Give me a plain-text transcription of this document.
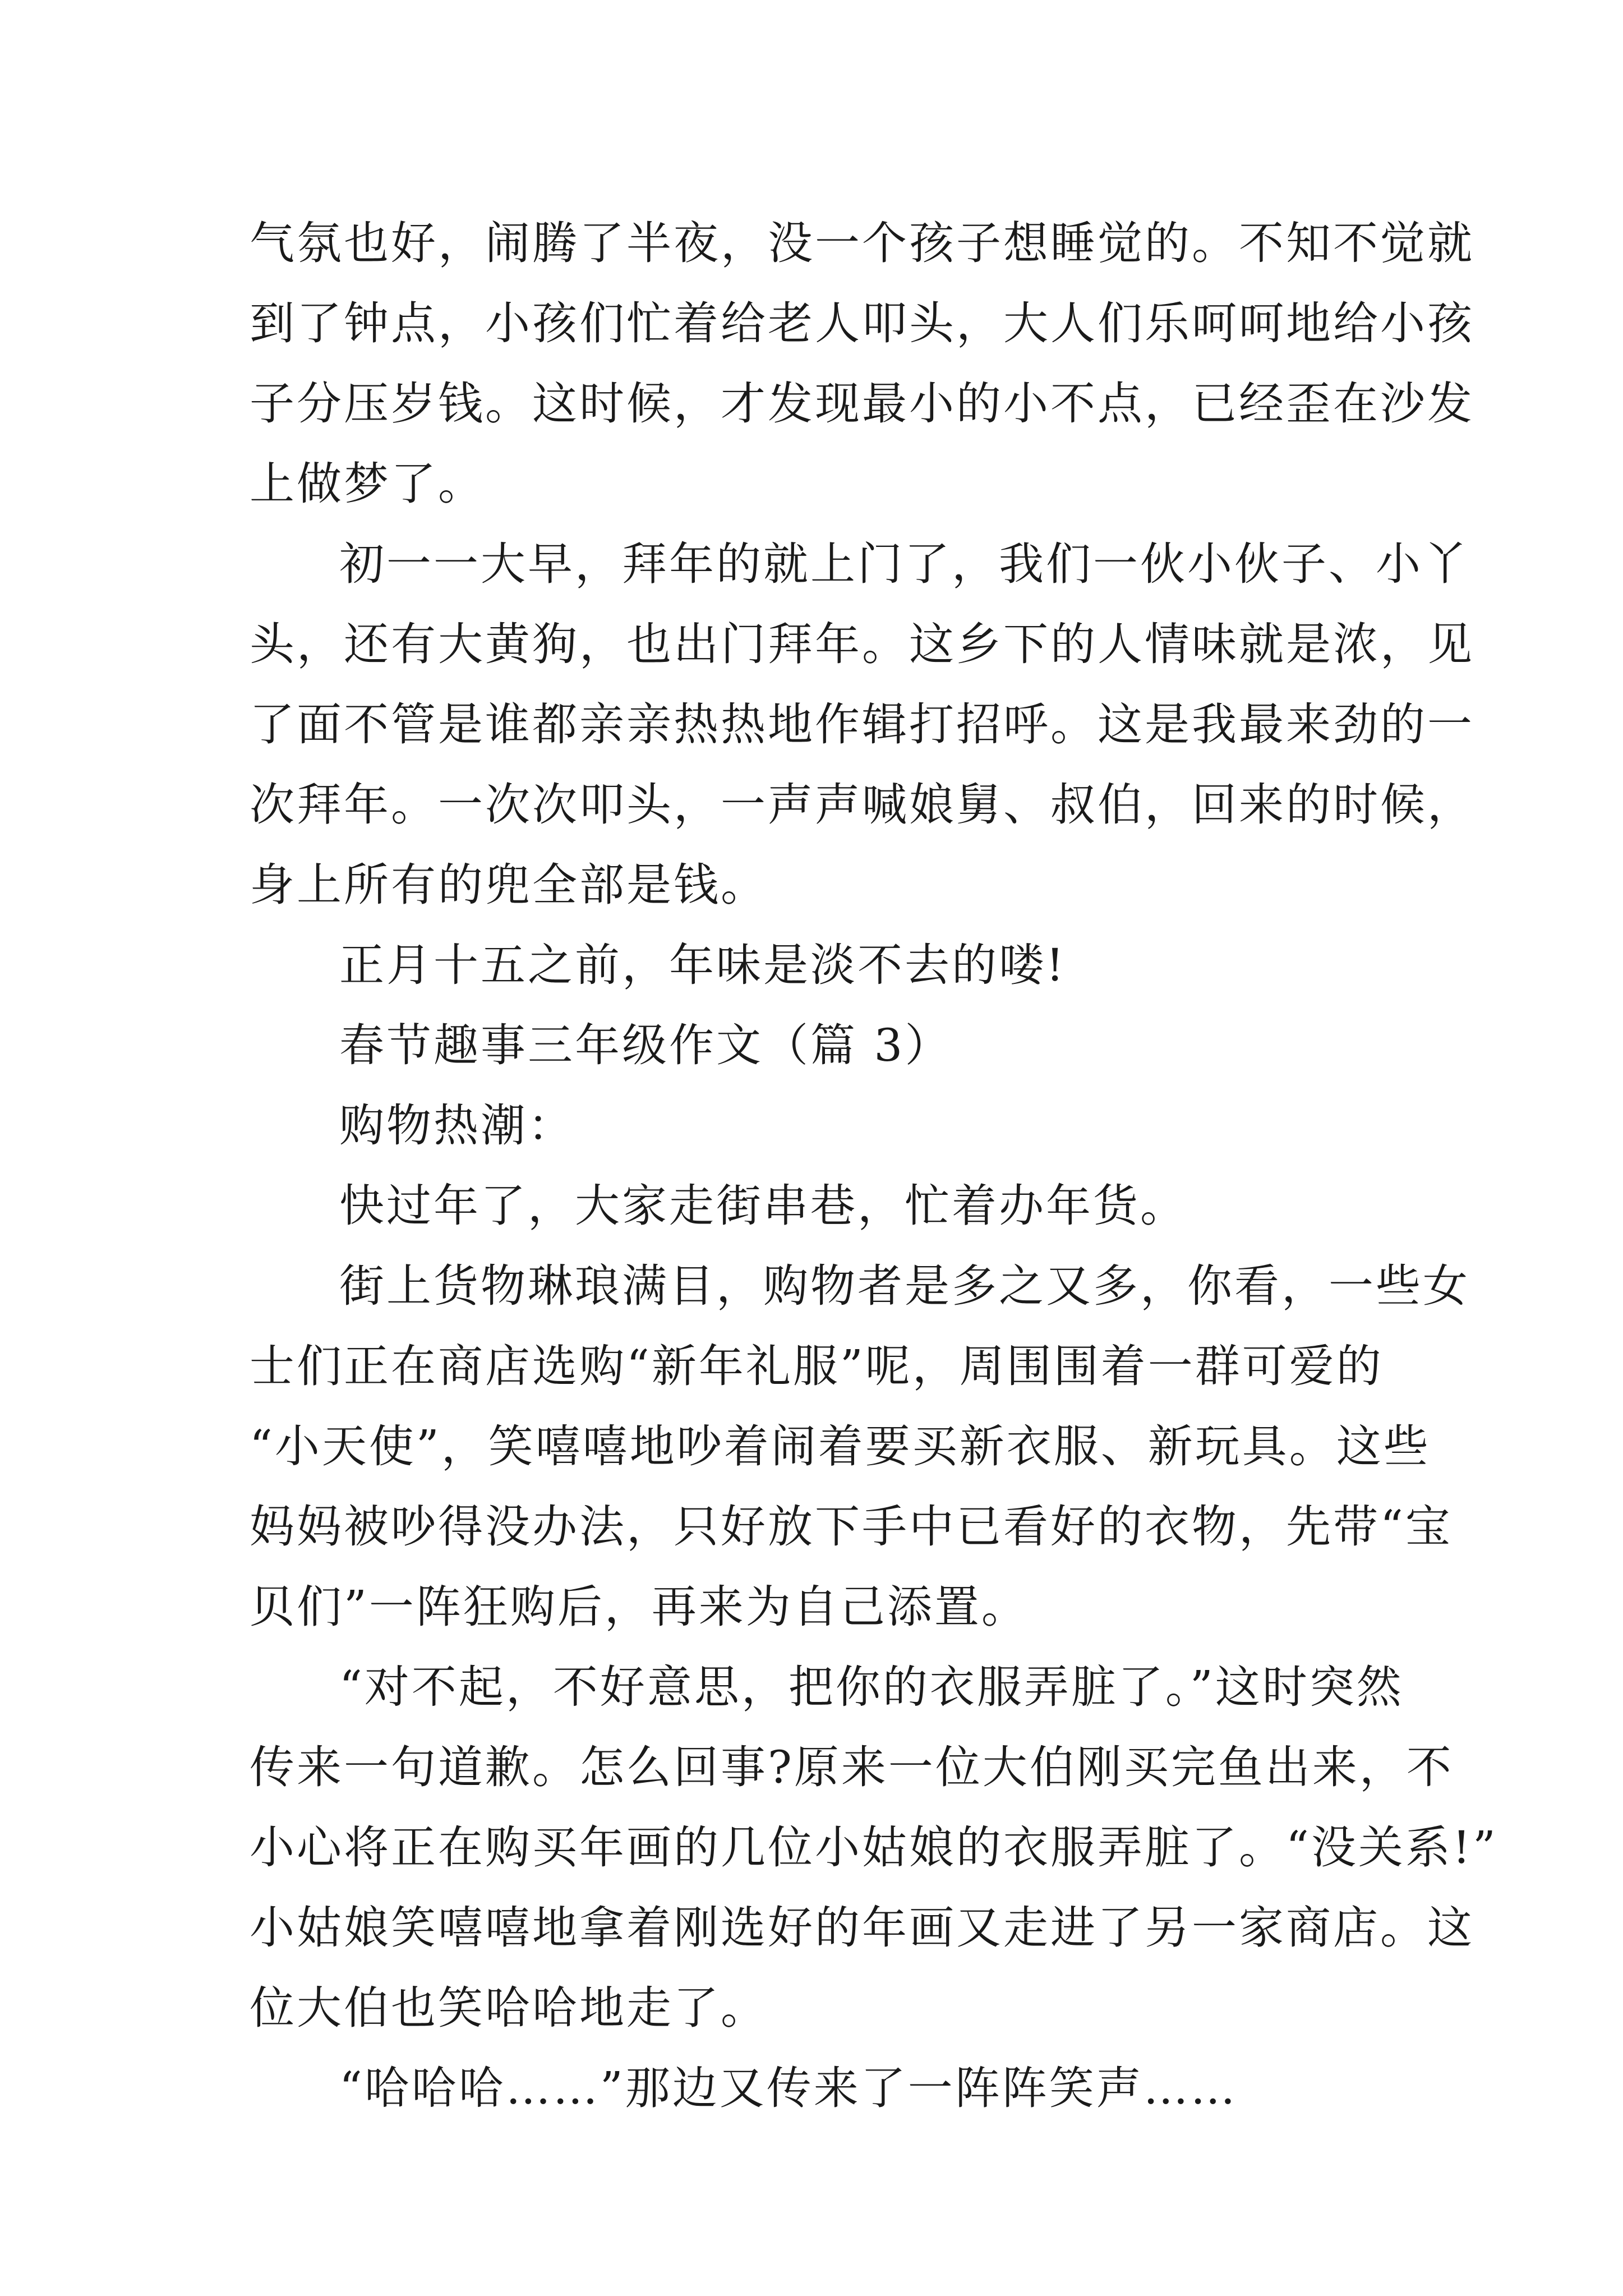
气氛也好，闹腾了半夜，没一个孩子想睡觉的。不知不觉就
到了钟点，小孩们忙着给老人叩头，大人们乐呵呵地给小孩
子分压岁钱。这时候，才发现最小的小不点，已经歪在沙发
上做梦了。

初一一大早，拜年的就上门了，我们一伙小伙子、小丫
头，还有大黄狗，也出门拜年。这乡下的人情味就是浓，见
了面不管是谁都亲亲热热地作辑打招呼。这是我最来劲的一
次拜年。一次次叩头，一声声喊娘舅、叔伯，回来的时候，
身上所有的兜全部是钱。

正月十五之前，年味是淡不去的喽!

春节趣事三年级作文（篇 3）

购物热潮：

快过年了，大家走街串巷，忙着办年货。

街上货物琳琅满目，购物者是多之又多，你看，一些女
士们正在商店选购“新年礼服”呢，周围围着一群可爱的
“小天使”，笑嘻嘻地吵着闹着要买新衣服、新玩具。这些
妈妈被吵得没办法，只好放下手中已看好的衣物，先带“宝
贝们”一阵狂购后，再来为自己添置。

“对不起，不好意思，把你的衣服弄脏了。”这时突然
传来一句道歉。怎么回事?原来一位大伯刚买完鱼出来，不
小心将正在购买年画的几位小姑娘的衣服弄脏了。“没关系!”
小姑娘笑嘻嘻地拿着刚选好的年画又走进了另一家商店。这
位大伯也笑哈哈地走了。

“哈哈哈……”那边又传来了一阵阵笑声……
